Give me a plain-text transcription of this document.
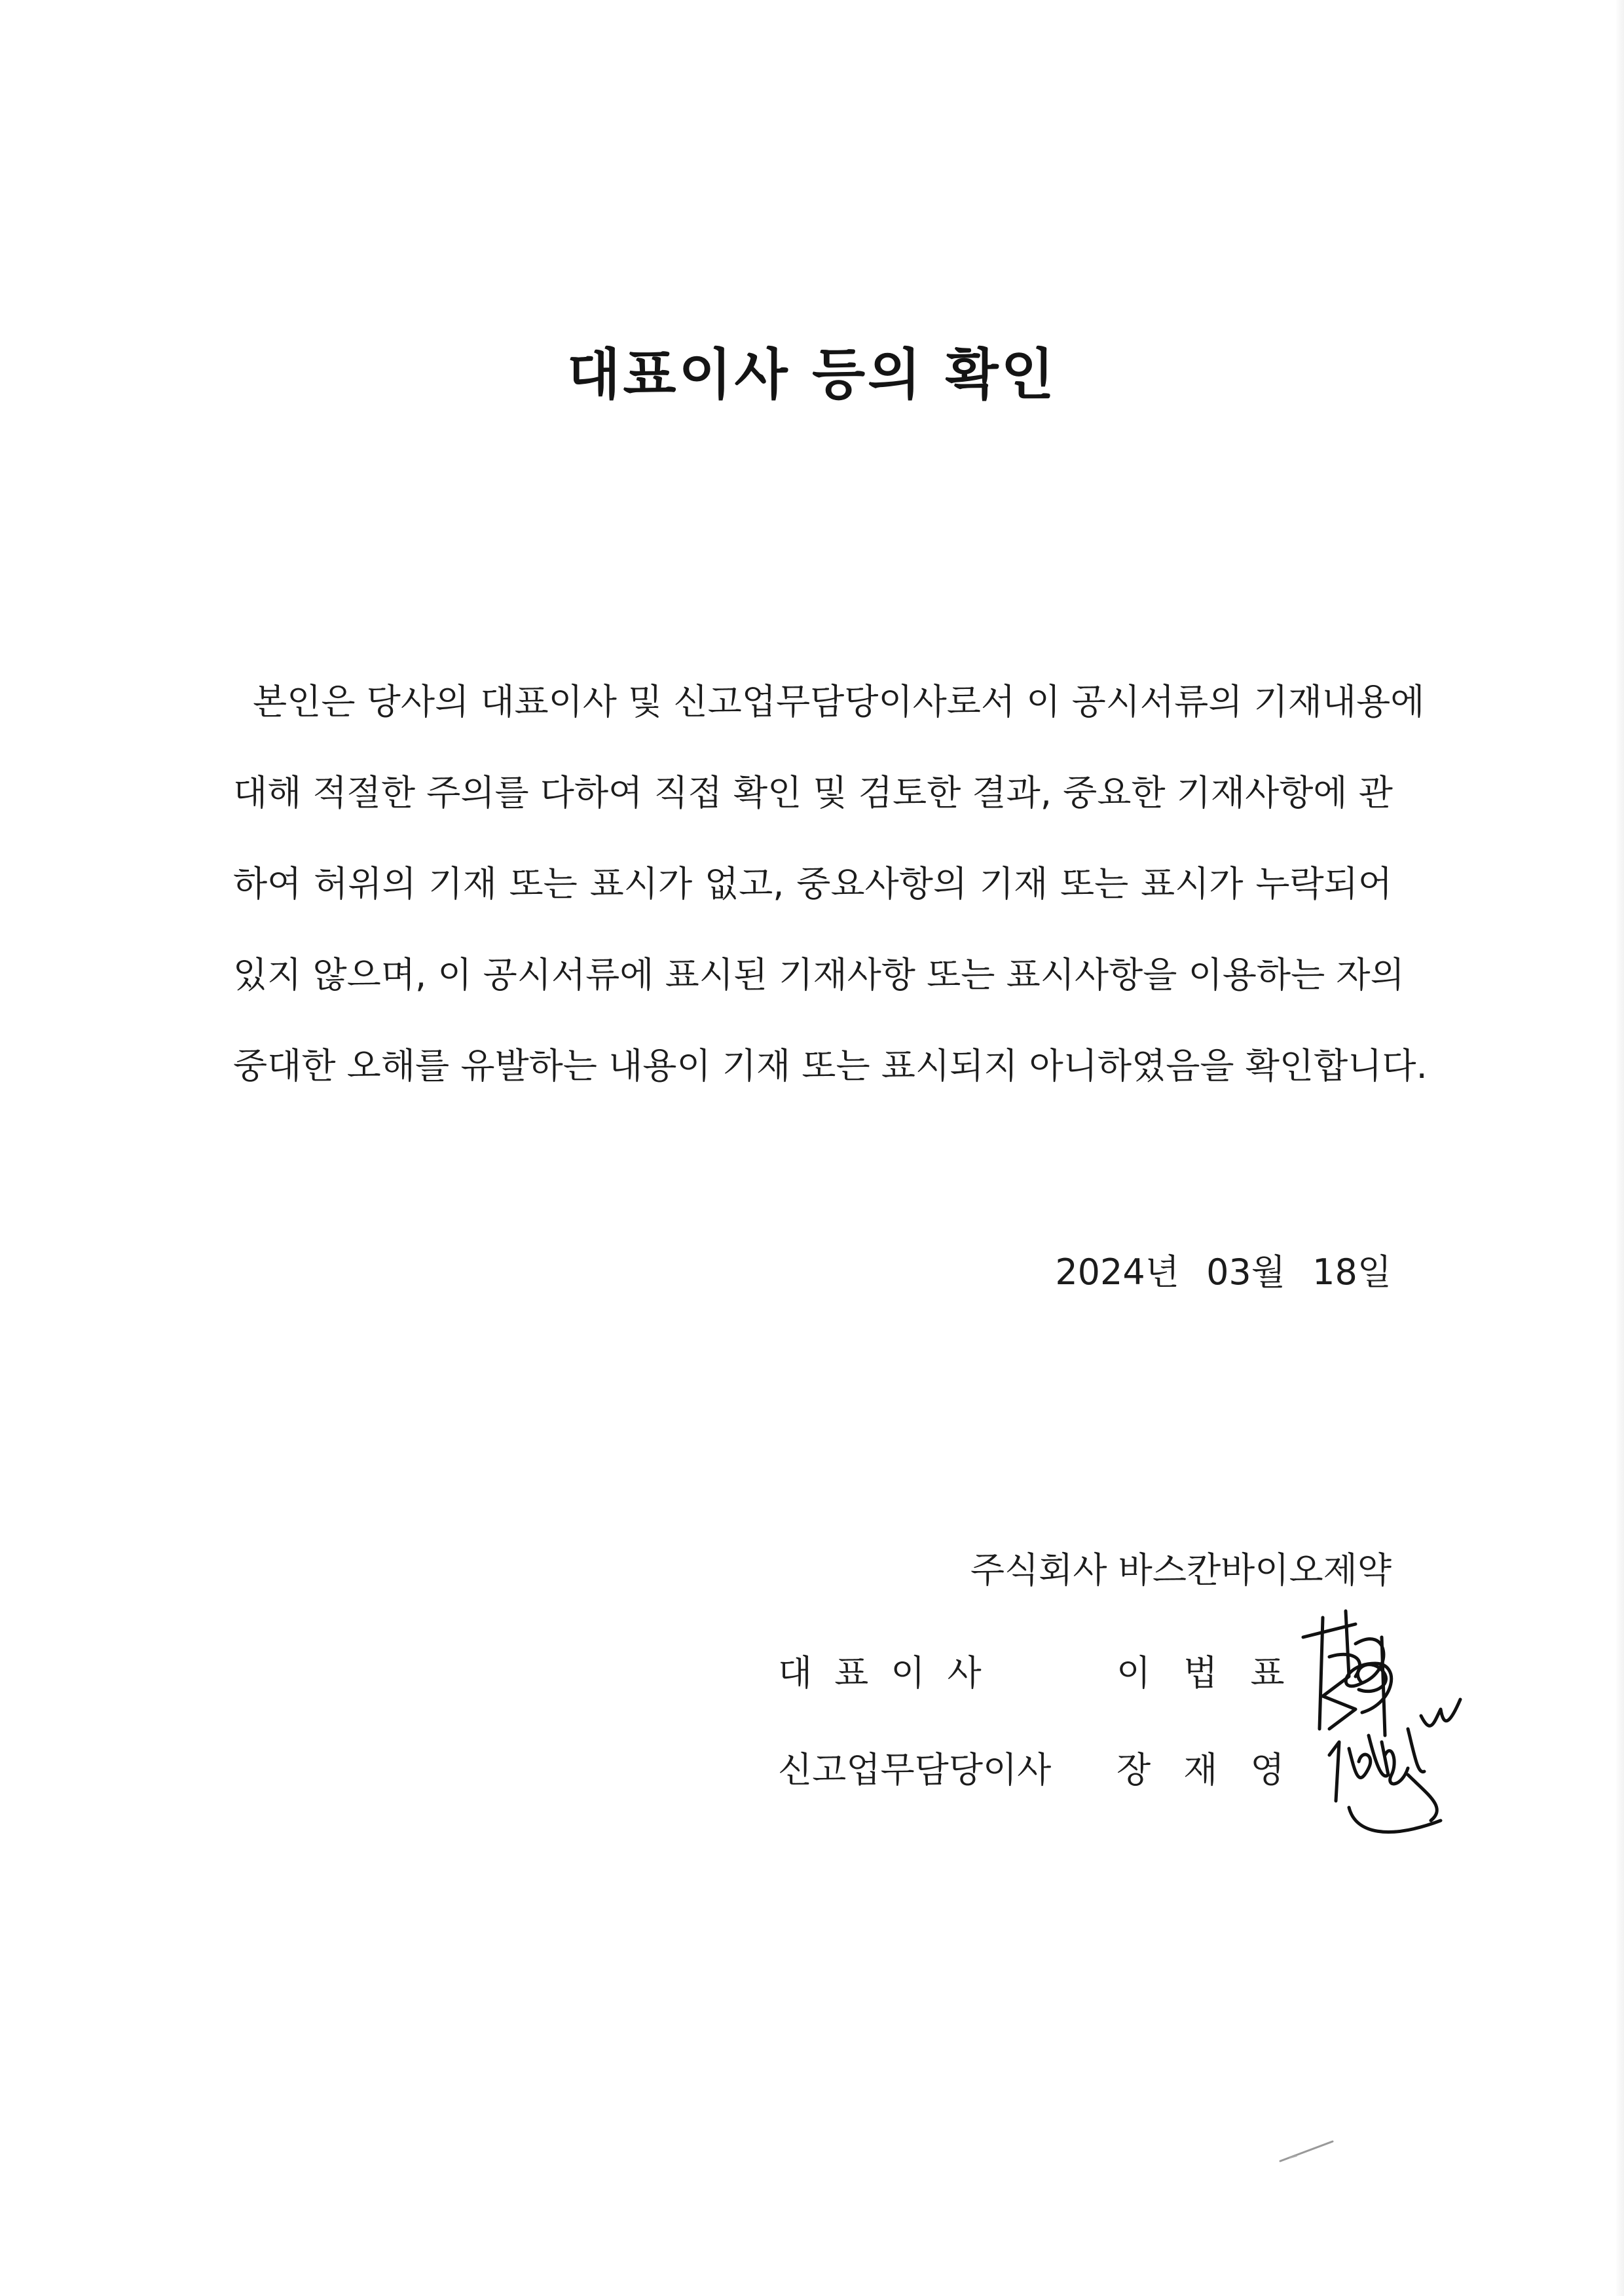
대표이사 등의 확인
본인은 당사의 대표이사 및 신고업무담당이사로서 이 공시서류의 기재내용에
대해 적절한 주의를 다하여 직접 확인 및 검토한 결과, 중요한 기재사항에 관
하여 허위의 기재 또는 표시가 없고, 중요사항의 기재 또는 표시가 누락되어
있지 않으며, 이 공시서류에 표시된 기재사항 또는 표시사항을 이용하는 자의
중대한 오해를 유발하는 내용이 기재 또는 표시되지 아니하였음을 확인합니다.
2024년 03월 18일
주식회사 바스칸바이오제약
대표이사	이법표
신고업무담당이사 장재영
